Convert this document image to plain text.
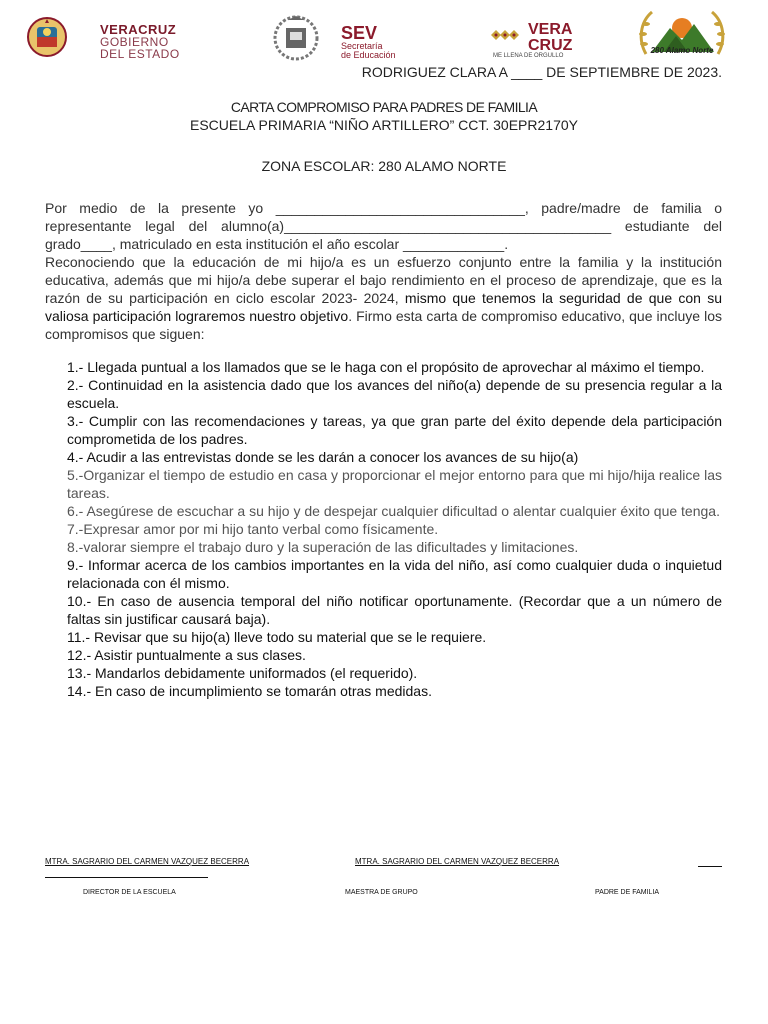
VERACRUZ
GOBIERNO
DEL ESTADO
SEV
Secretaría
de Educación
VERA
CRUZ
ME LLENA DE ORGULLO
280 Alamo Norte
RODRIGUEZ CLARA A ____ DE SEPTIEMBRE DE 2023.
CARTA COMPROMISO PARA PADRES DE FAMILIA
ESCUELA PRIMARIA “NIÑO ARTILLERO” CCT. 30EPR2170Y
ZONA ESCOLAR: 280 ALAMO NORTE

Por medio de la presente yo ________________________________, padre/madre de familia o representante legal del alumno(a)__________________________________________ estudiante del grado____, matriculado en esta institución el año escolar _____________.

Reconociendo que la educación de mi hijo/a es un esfuerzo conjunto entre la familia y la institución educativa, además que mi hijo/a debe superar el bajo rendimiento en el proceso de aprendizaje, que es la razón de su participación en ciclo escolar 2023- 2024, mismo que tenemos la seguridad de que con su valiosa participación lograremos nuestro objetivo. Firmo esta carta de compromiso educativo, que incluye los compromisos que siguen:

1.- Llegada puntual a los llamados que se le haga con el propósito de aprovechar al máximo el tiempo.
2.- Continuidad en la asistencia dado que los avances del niño(a) depende de su presencia regular a la escuela.
3.- Cumplir con las recomendaciones y tareas, ya que gran parte del éxito depende dela participación comprometida de los padres.
4.- Acudir a las entrevistas donde se les darán a conocer los avances de su hijo(a)
5.-Organizar el tiempo de estudio en casa y proporcionar el mejor entorno para que mi hijo/hija realice las tareas.
6.- Asegúrese de escuchar a su hijo y de despejar cualquier dificultad o alentar cualquier éxito que tenga.
7.-Expresar amor por mi hijo tanto verbal como físicamente.
8.-valorar siempre el trabajo duro y la superación de las dificultades y limitaciones.
9.- Informar acerca de los cambios importantes en la vida del niño, así como cualquier duda o inquietud relacionada con él mismo.
10.- En caso de ausencia temporal del niño notificar oportunamente. (Recordar que a un número de faltas sin justificar causará baja).
11.- Revisar que su hijo(a) lleve todo su material que se le requiere.
12.- Asistir puntualmente a sus clases.
13.- Mandarlos debidamente uniformados (el requerido).
14.- En caso de incumplimiento se tomarán otras medidas.
MTRA. SAGRARIO DEL CARMEN VAZQUEZ BECERRA	MTRA. SAGRARIO DEL CARMEN VAZQUEZ BECERRA
DIRECTOR DE LA ESCUELA	MAESTRA DE GRUPO	PADRE DE FAMILIA
